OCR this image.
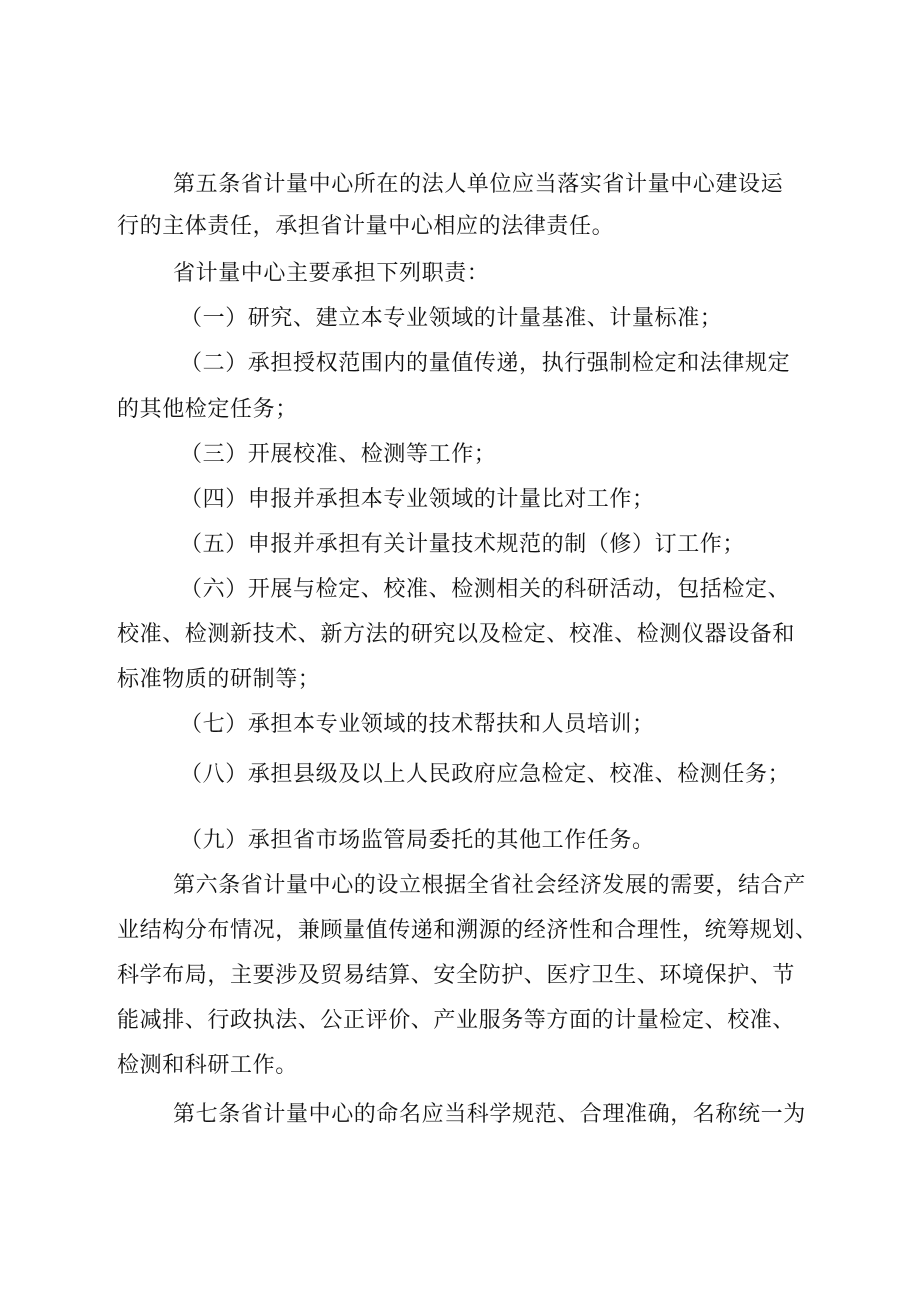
第五条省计量中心所在的法人单位应当落实省计量中心建设运

行的主体责任，承担省计量中心相应的法律责任。

省计量中心主要承担下列职责：

（一）研究、建立本专业领域的计量基准、计量标准；

（二）承担授权范围内的量值传递，执行强制检定和法律规定

的其他检定任务；

（三）开展校准、检测等工作；

（四）申报并承担本专业领域的计量比对工作；

（五）申报并承担有关计量技术规范的制（修）订工作；

（六）开展与检定、校准、检测相关的科研活动，包括检定、

校准、检测新技术、新方法的研究以及检定、校准、检测仪器设备和

标准物质的研制等；

（七）承担本专业领域的技术帮扶和人员培训；

（八）承担县级及以上人民政府应急检定、校准、检测任务；

（九）承担省市场监管局委托的其他工作任务。

第六条省计量中心的设立根据全省社会经济发展的需要，结合产

业结构分布情况，兼顾量值传递和溯源的经济性和合理性，统筹规划、

科学布局，主要涉及贸易结算、安全防护、医疗卫生、环境保护、节

能减排、行政执法、公正评价、产业服务等方面的计量检定、校准、

检测和科研工作。

第七条省计量中心的命名应当科学规范、合理准确，名称统一为
